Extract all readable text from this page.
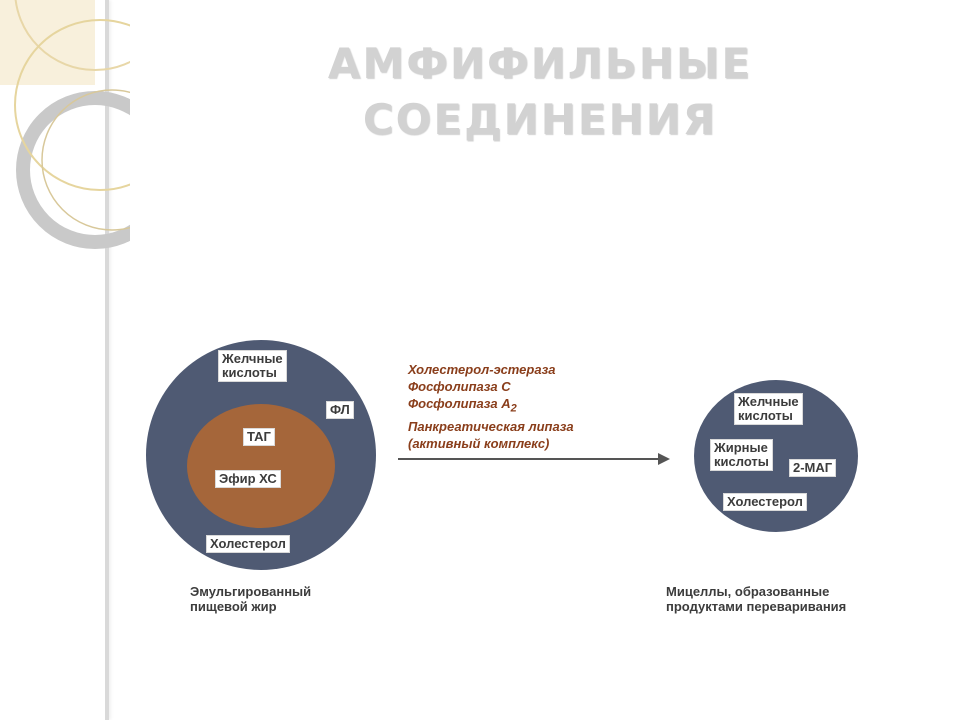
АМФИФИЛЬНЫЕ
СОЕДИНЕНИЯ
Желчные
кислоты
ФЛ
ТАГ
Эфир ХС
Холестерол
Эмульгированный
пищевой жир
Холестерол-эстераза
Фосфолипаза С
Фосфолипаза $А_2$
Панкреатическая липаза
(активный комплекс)
Желчные
кислоты
Жирные
кислоты	2-МАГ
Холестерол
Мицеллы, образованные
продуктами переваривания
